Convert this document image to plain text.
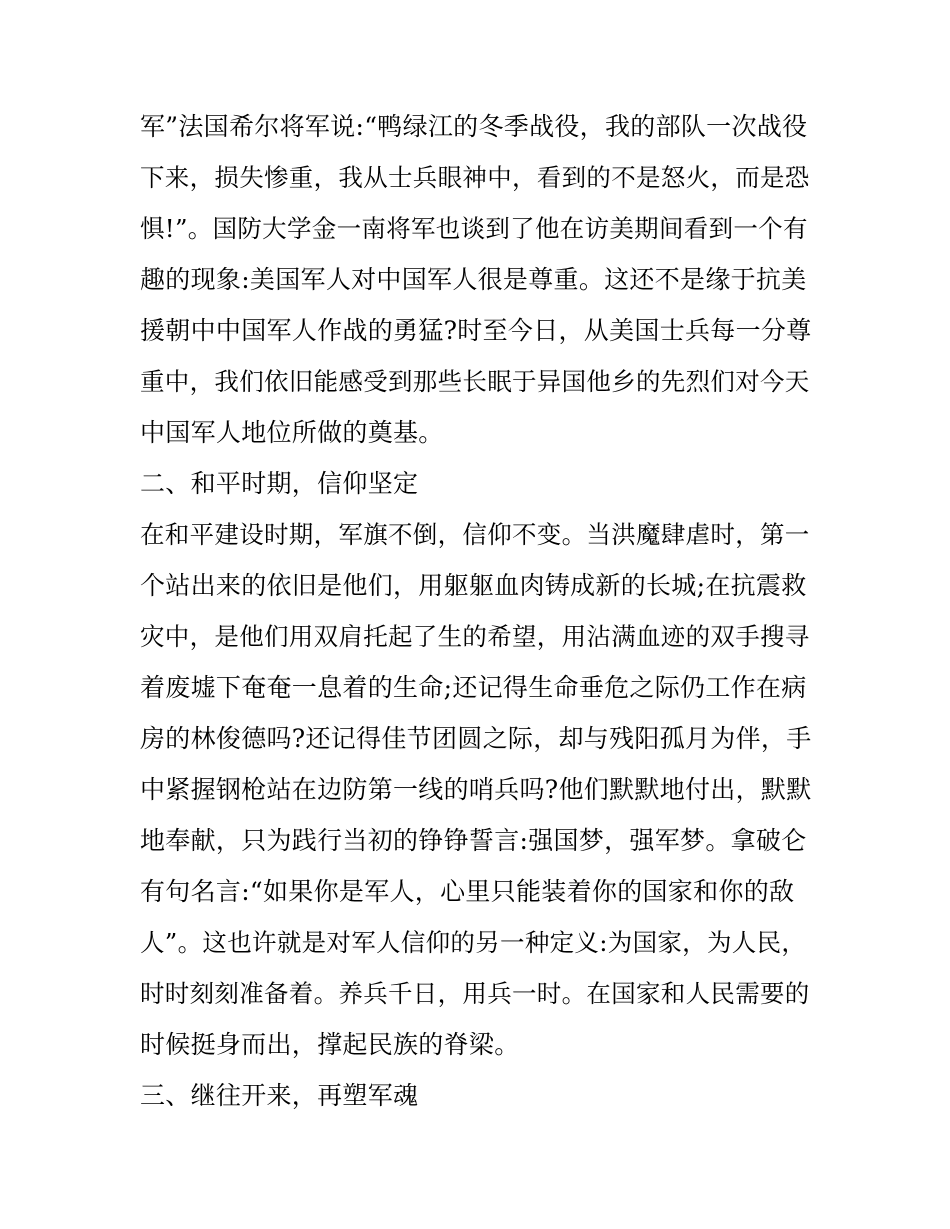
军”法国希尔将军说:“鸭绿江的冬季战役，我的部队一次战役
下来，损失惨重，我从士兵眼神中，看到的不是怒火，而是恐
惧!”。国防大学金一南将军也谈到了他在访美期间看到一个有
趣的现象:美国军人对中国军人很是尊重。这还不是缘于抗美
援朝中中国军人作战的勇猛?时至今日，从美国士兵每一分尊
重中，我们依旧能感受到那些长眠于异国他乡的先烈们对今天
中国军人地位所做的奠基。
二、和平时期，信仰坚定
在和平建设时期，军旗不倒，信仰不变。当洪魔肆虐时，第一
个站出来的依旧是他们，用躯躯血肉铸成新的长城;在抗震救
灾中，是他们用双肩托起了生的希望，用沾满血迹的双手搜寻
着废墟下奄奄一息着的生命;还记得生命垂危之际仍工作在病
房的林俊德吗?还记得佳节团圆之际，却与残阳孤月为伴，手
中紧握钢枪站在边防第一线的哨兵吗?他们默默地付出，默默
地奉献，只为践行当初的铮铮誓言:强国梦，强军梦。拿破仑
有句名言:“如果你是军人，心里只能装着你的国家和你的敌
人”。这也许就是对军人信仰的另一种定义:为国家，为人民，
时时刻刻准备着。养兵千日，用兵一时。在国家和人民需要的
时候挺身而出，撑起民族的脊梁。
三、继往开来，再塑军魂
